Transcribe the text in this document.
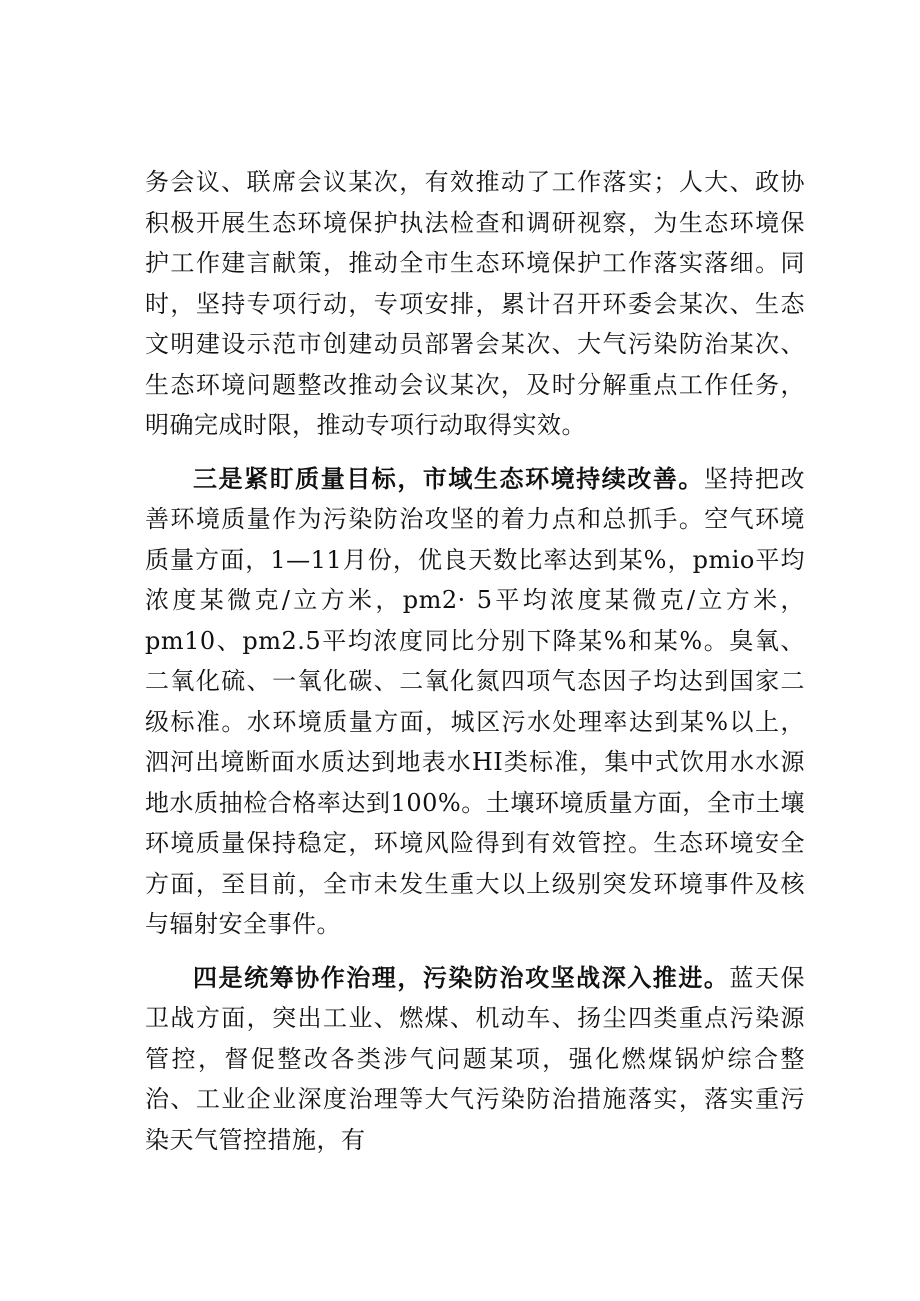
务会议、联席会议某次，有效推动了工作落实；人大、政协积极开展生态环境保护执法检查和调研视察，为生态环境保护工作建言献策，推动全市生态环境保护工作落实落细。同时，坚持专项行动，专项安排，累计召开环委会某次、生态文明建设示范市创建动员部署会某次、大气污染防治某次、生态环境问题整改推动会议某次，及时分解重点工作任务，明确完成时限，推动专项行动取得实效。

三是紧盯质量目标，市域生态环境持续改善。坚持把改善环境质量作为污染防治攻坚的着力点和总抓手。空气环境质量方面，1—11月份，优良天数比率达到某%，pmio平均浓度某微克/立方米，pm2· 5平均浓度某微克/立方米，pm10、pm2.5平均浓度同比分别下降某%和某%。臭氧、二氧化硫、一氧化碳、二氧化氮四项气态因子均达到国家二级标准。水环境质量方面，城区污水处理率达到某%以上，泗河出境断面水质达到地表水HI类标准，集中式饮用水水源地水质抽检合格率达到100%。土壤环境质量方面，全市土壤环境质量保持稳定，环境风险得到有效管控。生态环境安全方面，至目前，全市未发生重大以上级别突发环境事件及核与辐射安全事件。

四是统筹协作治理，污染防治攻坚战深入推进。蓝天保卫战方面，突出工业、燃煤、机动车、扬尘四类重点污染源管控，督促整改各类涉气问题某项，强化燃煤锅炉综合整治、工业企业深度治理等大气污染防治措施落实，落实重污染天气管控措施，有
